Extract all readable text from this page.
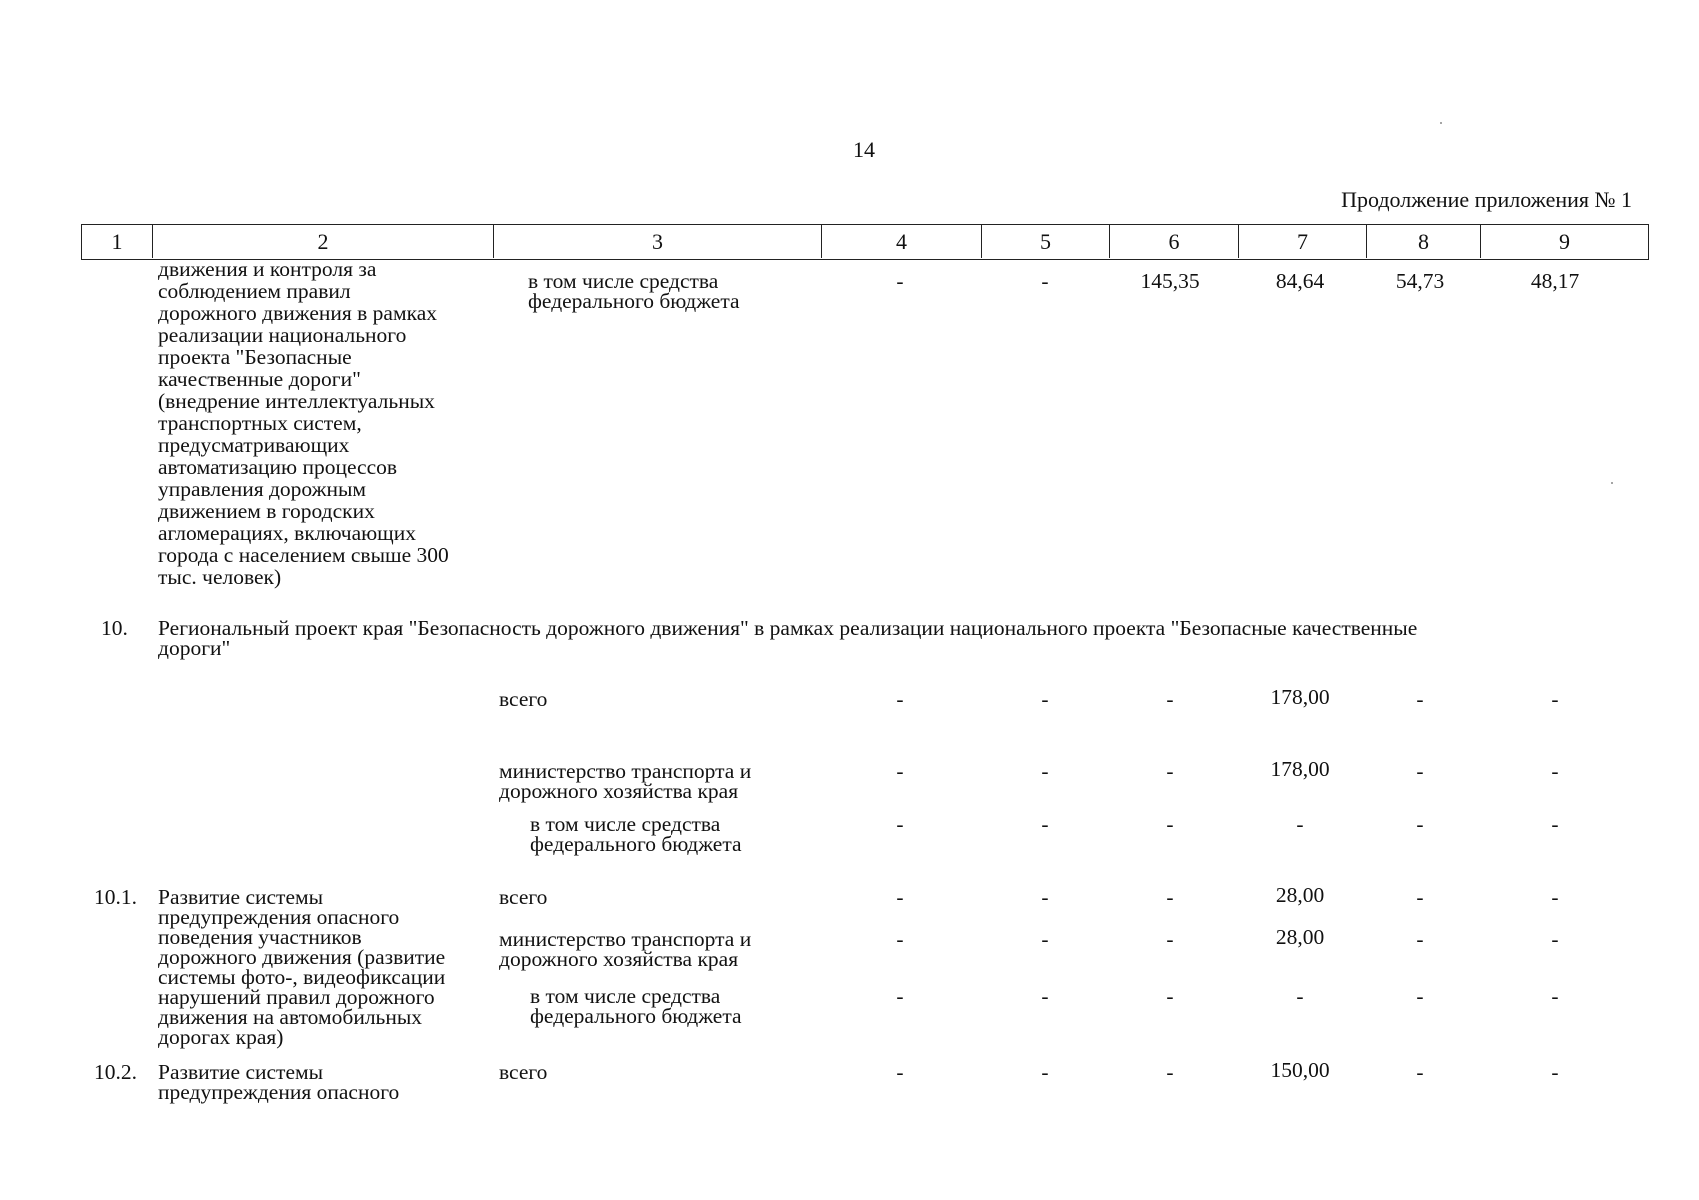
14
Продолжение приложения № 1
1	2	3	4	5	6	7	8	9
движения и контроля за
соблюдением правил
дорожного движения в рамках
реализации национального
проекта "Безопасные
качественные дороги"
(внедрение интеллектуальных
транспортных систем,
предусматривающих
автоматизацию процессов
управления дорожным
движением в городских
агломерациях, включающих
города с населением свыше 300
тыс. человек)
в том числе средства
федерального бюджета
-	-	145,35	84,64	54,73	48,17
10. Региональный проект края "Безопасность дорожного движения" в рамках реализации национального проекта "Безопасные качественные
дороги"
всего	-	-	-	178,00	-	-
министерство транспорта и
дорожного хозяйства края
-	-	-	178,00	-	-
в том числе средства
федерального бюджета
-	-	-	-	-	-
10.1. Развитие системы
предупреждения опасного
поведения участников
дорожного движения (развитие
системы фото-, видеофиксации
нарушений правил дорожного
движения на автомобильных
дорогах края)
всего	-	-	-	28,00	-	-
министерство транспорта и
дорожного хозяйства края
-	-	-	28,00	-	-
в том числе средства
федерального бюджета
-	-	-	-	-	-
10.2. Развитие системы
предупреждения опасного
всего	-	-	-	150,00	-	-
